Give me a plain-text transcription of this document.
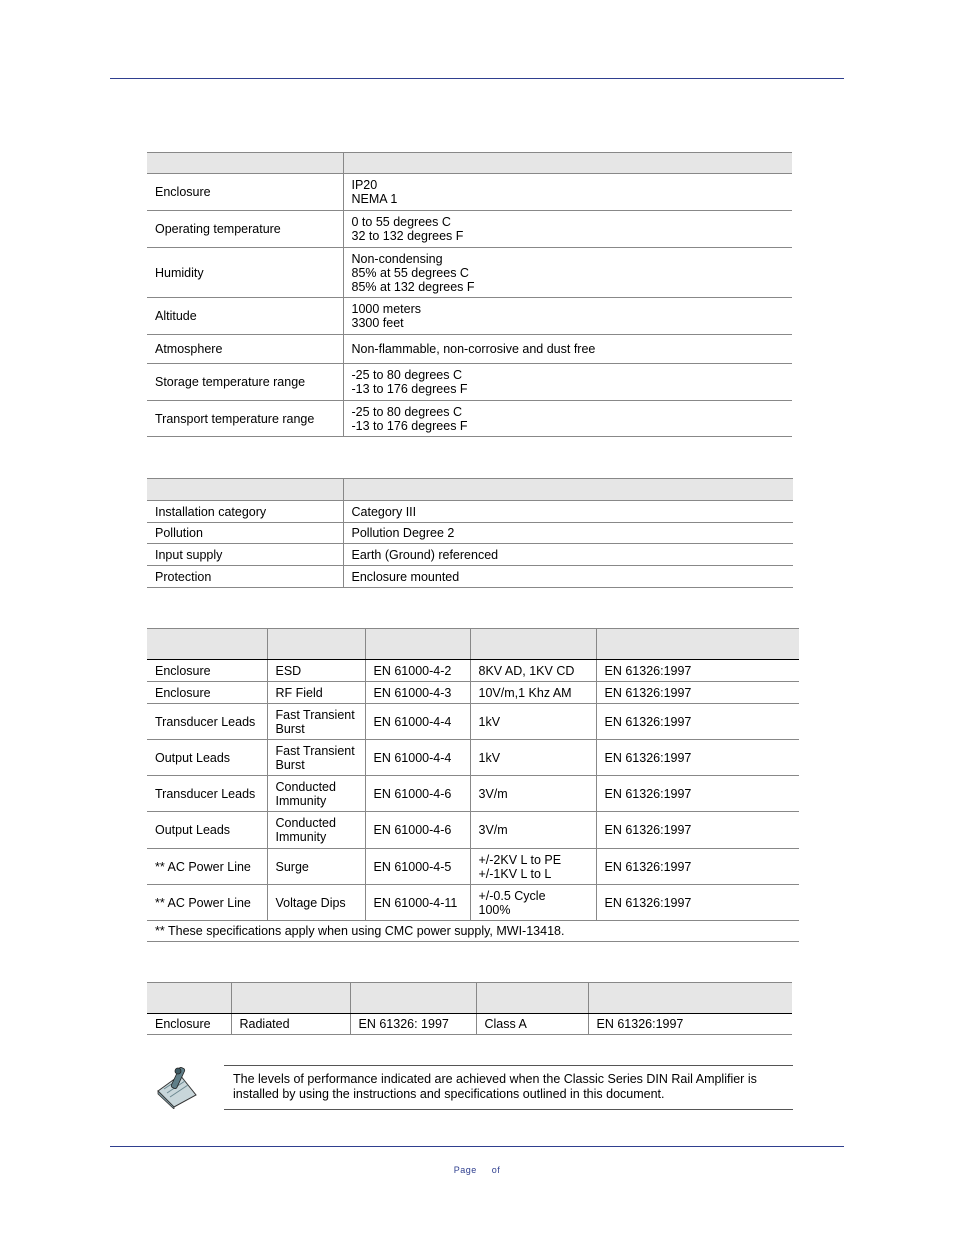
Enclosure	IP20
NEMA 1
Operating temperature	0 to 55 degrees C
32 to 132 degrees F
Humidity	Non-condensing
85% at 55 degrees C
85% at 132 degrees F
Altitude	1000 meters
3300 feet
Atmosphere	Non-flammable, non-corrosive and dust free
Storage temperature range	-25 to 80 degrees C
-13 to 176 degrees F
Transport temperature range	-25 to 80 degrees C
-13 to 176 degrees F

Installation category	Category III
Pollution	Pollution Degree 2
Input supply	Earth (Ground) referenced
Protection	Enclosure mounted

Enclosure	ESD	EN 61000-4-2	8KV AD, 1KV CD	EN 61326:1997
Enclosure	RF Field	EN 61000-4-3	10V/m,1 Khz AM	EN 61326:1997
Transducer Leads	Fast Transient
Burst	EN 61000-4-4	1kV	EN 61326:1997
Output Leads	Fast Transient
Burst	EN 61000-4-4	1kV	EN 61326:1997
Transducer Leads	Conducted
Immunity	EN 61000-4-6	3V/m	EN 61326:1997
Output Leads	Conducted
Immunity	EN 61000-4-6	3V/m	EN 61326:1997
** AC Power Line	Surge	EN 61000-4-5	+/-2KV L to PE
+/-1KV L to L	EN 61326:1997
** AC Power Line	Voltage Dips	EN 61000-4-11	+/-0.5 Cycle
100%	EN 61326:1997
** These specifications apply when using CMC power supply, MWI-13418.				

Enclosure	Radiated	EN 61326: 1997	Class A	EN 61326:1997
The levels of performance indicated are achieved when the Classic Series DIN Rail Amplifier is installed by using the instructions and specifications outlined in this document.
Page of
